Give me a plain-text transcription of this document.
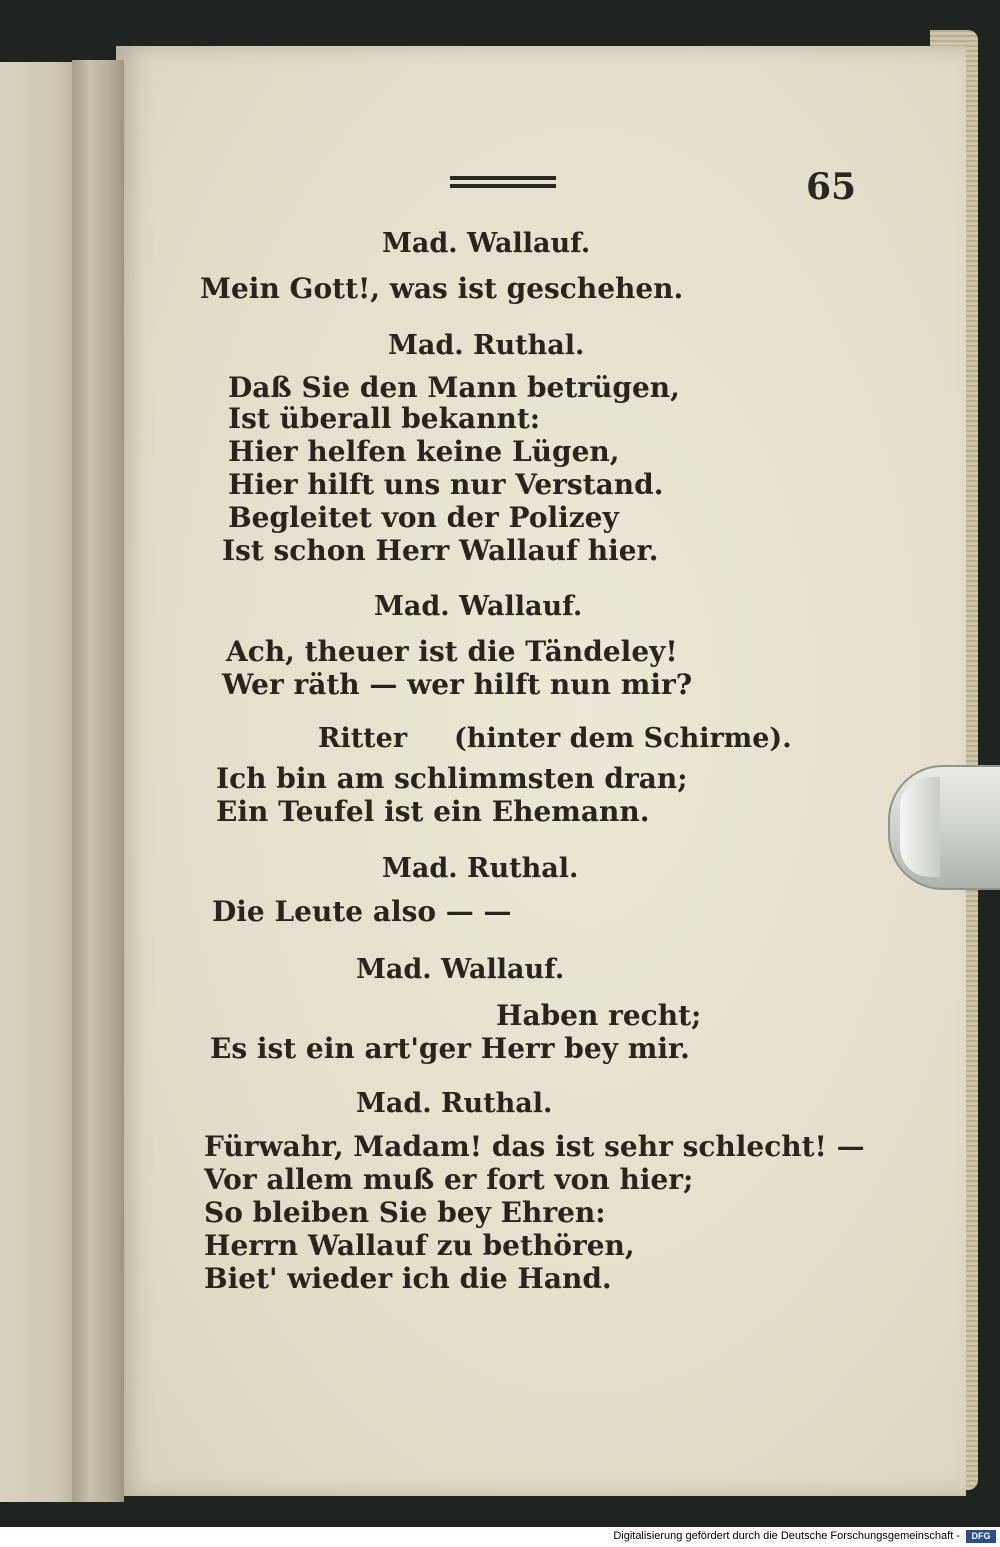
65
Mad. Wallauf.
Mein Gott!, was ist geschehen.
Mad. Ruthal.
Daß Sie den Mann betrügen,
Ist überall bekannt:
Hier helfen keine Lügen,
Hier hilft uns nur Verstand.
Begleitet von der Polizey
Ist schon Herr Wallauf hier.
Mad. Wallauf.
Ach, theuer ist die Tändeley!
Wer räth — wer hilft nun mir?
Ritter     (hinter dem Schirme).
Ich bin am schlimmsten dran;
Ein Teufel ist ein Ehemann.
Mad. Ruthal.
Die Leute also — —
Mad. Wallauf.
Haben recht;
Es ist ein art'ger Herr bey mir.
Mad. Ruthal.
Fürwahr, Madam! das ist sehr schlecht! —
Vor allem muß er fort von hier;
So bleiben Sie bey Ehren:
Herrn Wallauf zu bethören,
Biet' wieder ich die Hand.
Digitalisierung gefördert durch die Deutsche Forschungsgemeinschaft -	DFG
